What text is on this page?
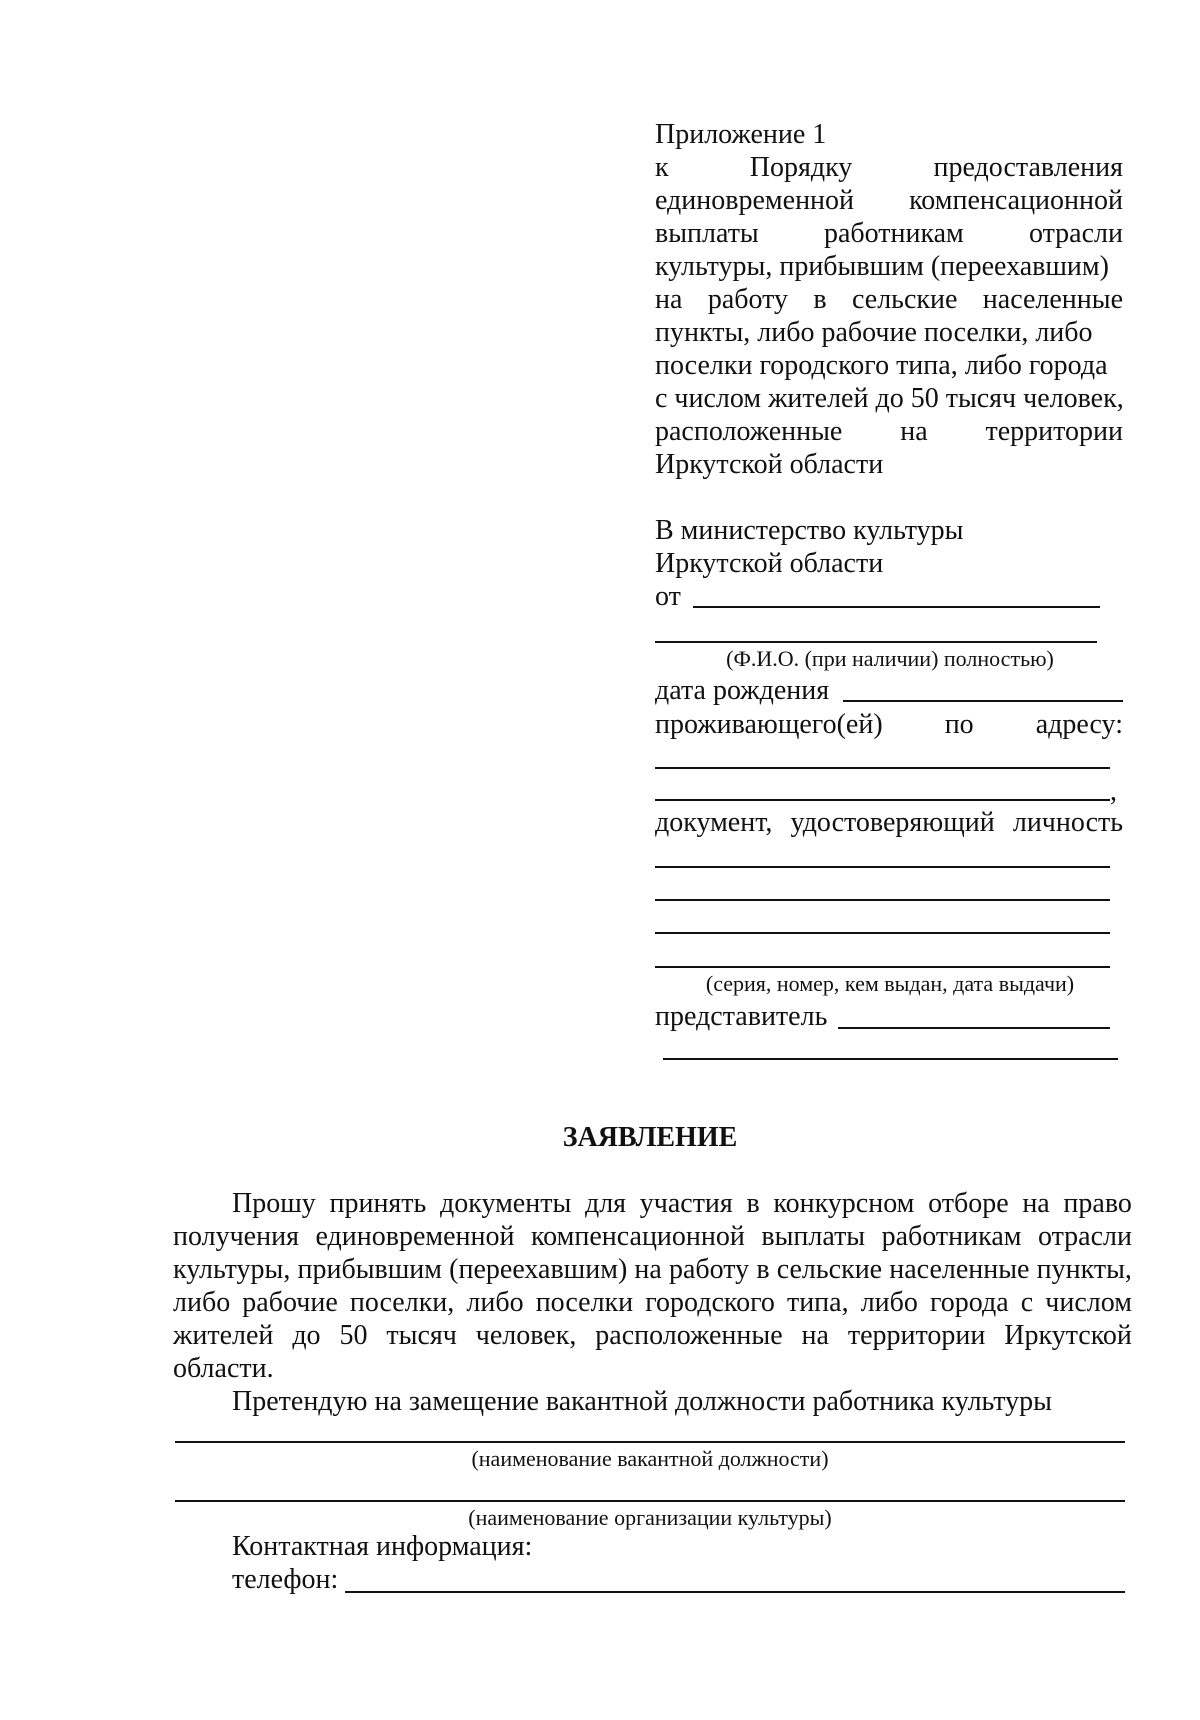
Приложение 1
к	Порядку	предоставления
единовременной компенсационной
выплаты работникам отрасли
культуры, прибывшим (переехавшим)
на работу в сельские населенные
пункты, либо рабочие поселки, либо
поселки городского типа, либо города
с числом жителей до 50 тысяч человек,
расположенные на территории
Иркутской области
В министерство культуры
Иркутской области
от
(Ф.И.О. (при наличии) полностью)
дата рождения
проживающего(ей) по адресу:
,
документ, удостоверяющий личность
(серия, номер, кем выдан, дата выдачи)
представитель
ЗАЯВЛЕНИЕ
Прошу принять документы для участия в конкурсном отборе на право
получения единовременной компенсационной выплаты работникам отрасли
культуры, прибывшим (переехавшим) на работу в сельские населенные пункты,
либо рабочие поселки, либо поселки городского типа, либо города с числом
жителей до 50 тысяч человек, расположенные на территории Иркутской
области.
Претендую на замещение вакантной должности работника культуры
(наименование вакантной должности)
(наименование организации культуры)
Контактная информация:
телефон:
